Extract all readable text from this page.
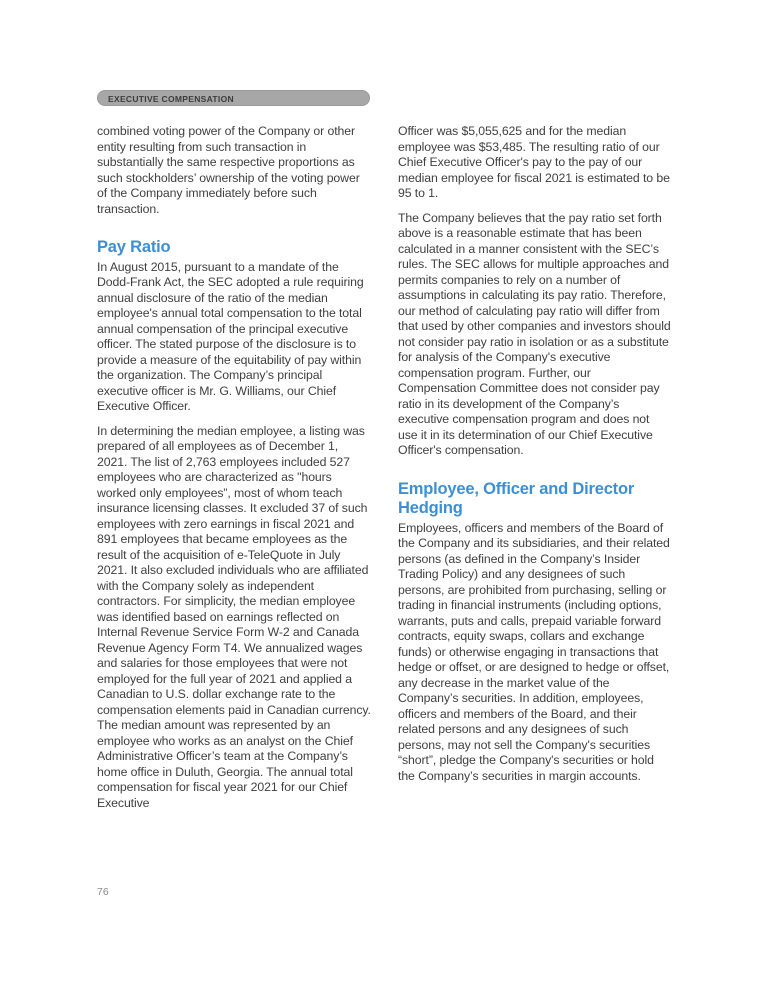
EXECUTIVE COMPENSATION

combined voting power of the Company or other entity resulting from such transaction in substantially the same respective proportions as such stockholders’ ownership of the voting power of the Company immediately before such transaction.

Pay Ratio

In August 2015, pursuant to a mandate of the Dodd-Frank Act, the SEC adopted a rule requiring annual disclosure of the ratio of the median employee's annual total compensation to the total annual compensation of the principal executive officer. The stated purpose of the disclosure is to provide a measure of the equitability of pay within the organization. The Company’s principal executive officer is Mr. G. Williams, our Chief Executive Officer.

In determining the median employee, a listing was prepared of all employees as of December 1, 2021. The list of 2,763 employees included 527 employees who are characterized as "hours worked only employees”, most of whom teach insurance licensing classes. It excluded 37 of such employees with zero earnings in fiscal 2021 and 891 employees that became employees as the result of the acquisition of e-TeleQuote in July 2021. It also excluded individuals who are affiliated with the Company solely as independent contractors. For simplicity, the median employee was identified based on earnings reflected on Internal Revenue Service Form W-2 and Canada Revenue Agency Form T4. We annualized wages and salaries for those employees that were not employed for the full year of 2021 and applied a Canadian to U.S. dollar exchange rate to the compensation elements paid in Canadian currency. The median amount was represented by an employee who works as an analyst on the Chief Administrative Officer’s team at the Company’s home office in Duluth, Georgia. The annual total compensation for fiscal year 2021 for our Chief Executive

Officer was $5,055,625 and for the median employee was $53,485. The resulting ratio of our Chief Executive Officer's pay to the pay of our median employee for fiscal 2021 is estimated to be 95 to 1.

The Company believes that the pay ratio set forth above is a reasonable estimate that has been calculated in a manner consistent with the SEC’s rules. The SEC allows for multiple approaches and permits companies to rely on a number of assumptions in calculating its pay ratio. Therefore, our method of calculating pay ratio will differ from that used by other companies and investors should not consider pay ratio in isolation or as a substitute for analysis of the Company's executive compensation program. Further, our Compensation Committee does not consider pay ratio in its development of the Company’s executive compensation program and does not use it in its determination of our Chief Executive Officer's compensation.

Employee, Officer and Director Hedging

Employees, officers and members of the Board of the Company and its subsidiaries, and their related persons (as defined in the Company’s Insider Trading Policy) and any designees of such persons, are prohibited from purchasing, selling or trading in financial instruments (including options, warrants, puts and calls, prepaid variable forward contracts, equity swaps, collars and exchange funds) or otherwise engaging in transactions that hedge or offset, or are designed to hedge or offset, any decrease in the market value of the Company’s securities. In addition, employees, officers and members of the Board, and their related persons and any designees of such persons, may not sell the Company's securities “short”, pledge the Company's securities or hold the Company’s securities in margin accounts.

76
